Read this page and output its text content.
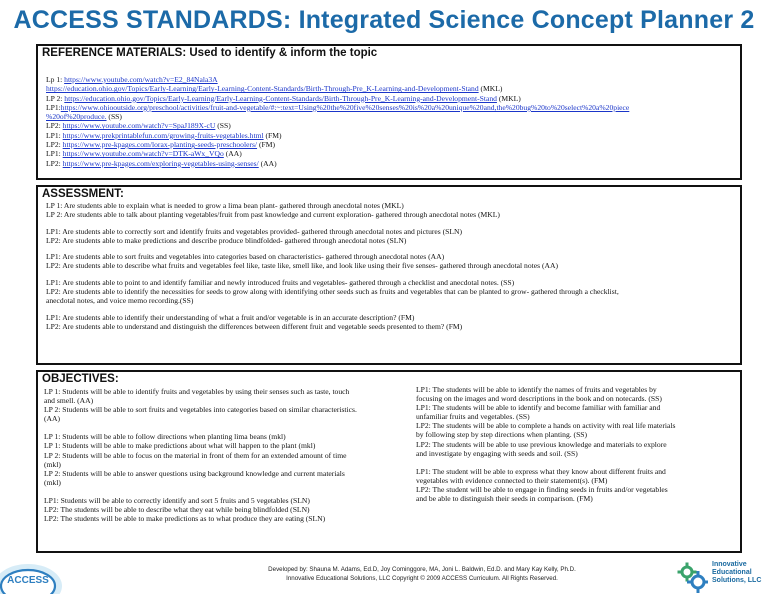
ACCESS STANDARDS: Integrated Science Concept Planner 2
REFERENCE MATERIALS: Used to identify & inform the topic
Lp 1: https://www.youtube.com/watch?v=E2_84Nala3A
https://education.ohio.gov/Topics/Early-Learning/Early-Learning-Content-Standards/Birth-Through-Pre_K-Learning-and-Development-Stand (MKL)
LP 2: https://education.ohio.gov/Topics/Early-Learning/Early-Learning-Content-Standards/Birth-Through-Pre_K-Learning-and-Development-Stand (MKL)
LP1:https://www.ohiooutside.org/preschool/activities/fruit-and-vegetable/#:~:text=Using%20the%20five%20senses%20is%20a%20unique%20and,the%20bug%20to%20select%20a%20piece
%20of%20produce. (SS)
LP2: https://www.youtube.com/watch?v=SpaJ189X-cU (SS)
LP1: https://www.prekprintablefun.com/growing-fruits-vegetables.html (FM)
LP2: https://www.pre-kpages.com/lorax-planting-seeds-preschoolers/ (FM)
LP1: https://www.youtube.com/watch?v=DTK-aWx_VQo (AA)
LP2: https://www.pre-kpages.com/exploring-vegetables-using-senses/ (AA)
ASSESSMENT:
LP 1: Are students able to explain what is needed to grow a lima bean plant- gathered through anecdotal notes (MKL)
LP 2: Are students able to talk about planting vegetables/fruit from past knowledge and current exploration- gathered through anecdotal notes (MKL)
LP1: Are students able to correctly sort and identify fruits and vegetables provided- gathered through anecdotal notes and pictures (SLN)
LP2: Are students able to make predictions and describe produce blindfolded- gathered through anecdotal notes (SLN)
LP1: Are students able to sort fruits and vegetables into categories based on characteristics- gathered through anecdotal notes (AA)
LP2: Are students able to describe what fruits and vegetables feel like, taste like, smell like, and look like using their five senses- gathered through anecdotal notes (AA)
LP1: Are students able to point to and identify familiar and newly introduced fruits and vegetables- gathered through a checklist and anecdotal notes. (SS)
LP2: Are students able to identify the necessities for seeds to grow along with identifying other seeds such as fruits and vegetables that can be planted to grow- gathered through a checklist,
anecdotal notes, and voice memo recording.(SS)
LP1: Are students able to identify their understanding of what a fruit and/or vegetable is in an accurate description? (FM)
LP2: Are students able to understand and distinguish the differences between different fruit and vegetable seeds presented to them? (FM)
OBJECTIVES:
LP 1: Students will be able to identify fruits and vegetables by using their senses such as taste, touch
and smell. (AA)
LP 2: Students will be able to sort fruits and vegetables into categories based on similar characteristics.
(AA)
LP 1: Students will be able to follow directions when planting lima beans (mkl)
LP 1: Students will be able to make predictions about what will happen to the plant (mkl)
LP 2: Students will be able to focus on the material in front of them for an extended amount of time
(mkl)
LP 2: Students will be able to answer questions using background knowledge and current materials
(mkl)
LP1: Students will be able to correctly identify and sort 5 fruits and 5 vegetables (SLN)
LP2: The students will be able to describe what they eat while being blindfolded (SLN)
LP2: The students will be able to make predictions as to what produce they are eating (SLN)
LP1: The students will be able to identify the names of fruits and vegetables by
focusing on the images and word descriptions in the book and on notecards. (SS)
LP1: The students will be able to identify and become familiar with familiar and
unfamiliar fruits and vegetables. (SS)
LP2: The students will be able to complete a hands on activity with real life materials
by following step by step directions when planting. (SS)
LP2: The students will be able to use previous knowledge and materials to explore
and investigate by engaging with seeds and soil. (SS)
LP1: The student will be able to express what they know about different fruits and
vegetables with evidence connected to their statement(s). (FM)
LP2: The student will be able to engage in finding seeds in fruits and/or vegetables
and be able to distinguish their seeds in comparison. (FM)
ACCESS
Developed by: Shauna M. Adams, Ed.D, Joy Cominggore, MA, Joni L. Baldwin, Ed.D. and Mary Kay Kelly, Ph.D.
Innovative Educational Solutions, LLC Copyright © 2009 ACCESS Curriculum. All Rights Reserved.
Innovative
Educational
Solutions, LLC
